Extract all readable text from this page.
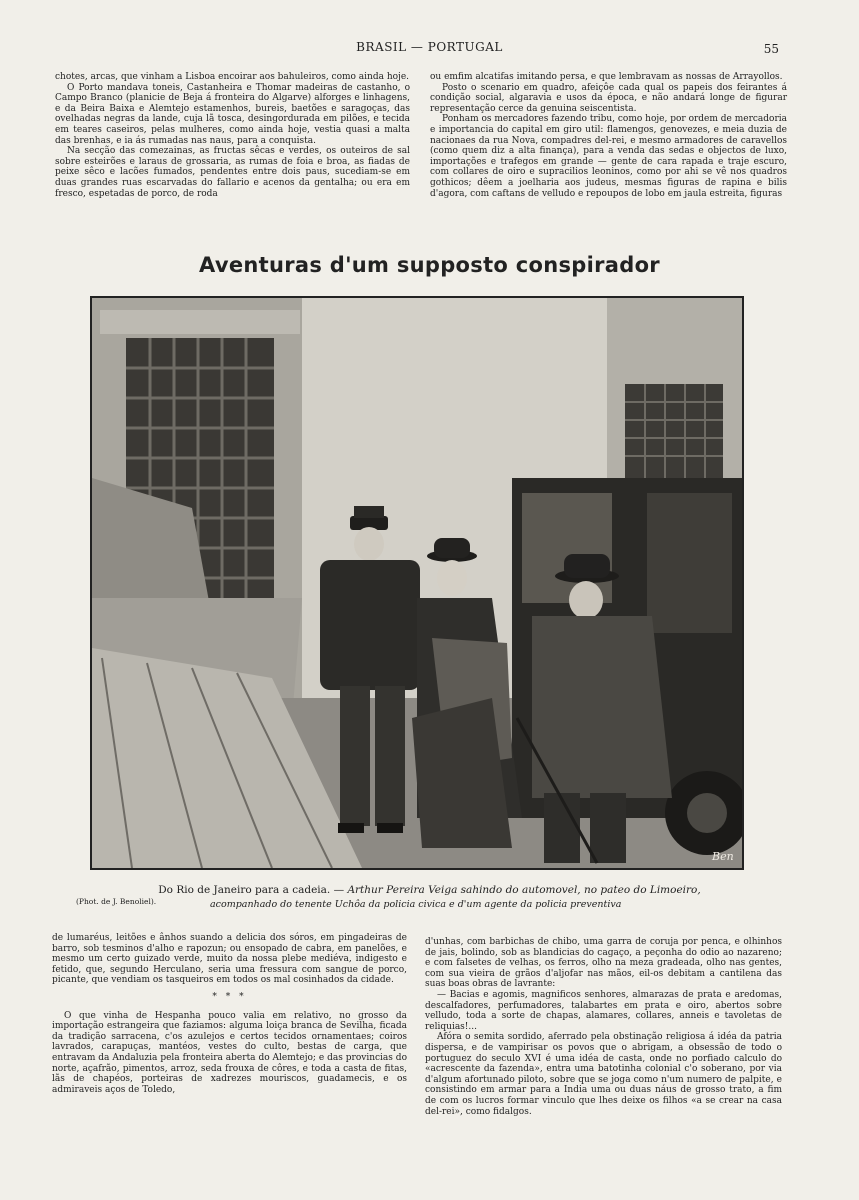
BRASIL — PORTUGAL	55

chotes, arcas, que vinham a Lisboa encoirar aos bahuleiros, como ainda hoje.

O Porto mandava toneis, Castanheira e Thomar madeiras de castanho, o Campo Branco (planicie de Beja á fronteira do Algarve) alforges e linhagens, e da Beira Baixa e Alemtejo estamenhos, bureis, baetões e saragoças, das ovelhadas negras da lande, cuja lã tosca, desingordurada em pilões, e tecida em teares caseiros, pelas mulheres, como ainda hoje, vestia quasi a malta das brenhas, e ia ás rumadas nas naus, para a conquista.

Na secção das comezainas, as fructas sêcas e verdes, os outeiros de sal sobre esteirões e laraus de grossaria, as rumas de foia e broa, as fiadas de peixe sêco e lacões fumados, pendentes entre dois paus, sucediam-se em duas grandes ruas escarvadas do fallario e acenos da gentalha; ou era em fresco, espetadas de porco, de roda

ou emfim alcatifas imitando persa, e que lembravam as nossas de Arrayollos.

Posto o scenario em quadro, afeiçôe cada qual os papeis dos feirantes á condição social, algaravia e usos da época, e não andará longe de figurar representação cerce da genuina seiscentista.

Ponham os mercadores fazendo tribu, como hoje, por ordem de mercadoria e importancia do capital em giro util: flamengos, genovezes, e meia duzia de nacionaes da rua Nova, compadres del-rei, e mesmo armadores de caravellos (como quem diz a alta finança), para a venda das sedas e objectos de luxo, importações e trafegos em grande — gente de cara rapada e traje escuro, com collares de oiro e supracilios leoninos, como por ahi se vê nos quadros gothicos; dêem a joelharia aos judeus, mesmas figuras de rapina e bilis d'agora, com caftans de velludo e repoupos de lobo em jaula estreita, figuras

Aventuras d'um supposto conspirador
Ben
Do Rio de Janeiro para a cadeia. — Arthur Pereira Veiga sahindo do automovel, no pateo do Limoeiro,
(Phot. de J. Benoliel).	acompanhado do tenente Uchôa da policia civica e d'um agente da policia preventiva

de lumaréus, leitões e ânhos suando a delicia dos sóros, em pingadeiras de barro, sob tesminos d'alho e rapozun; ou ensopado de cabra, em panelões, e mesmo um certo guizado verde, muito da nossa plebe mediéva, indigesto e fetido, que, segundo Herculano, seria uma fressura com sangue de porco, picante, que vendiam os tasqueiros em todos os mal cosinhados da cidade.

* * *

O que vinha de Hespanha pouco valia em relativo, no grosso da importação estrangeira que faziamos: alguma loiça branca de Sevilha, ficada da tradição sarracena, c'os azulejos e certos tecidos ornamentaes; coiros lavrados, carapuças, mantéos, vestes do culto, bestas de carga, que entravam da Andaluzia pela fronteira aberta do Alemtejo; e das provincias do norte, açafrão, pimentos, arroz, seda frouxa de côres, e toda a casta de fitas, lãs de chapéos, porteiras de xadrezes mouriscos, guadamecis, e os admiraveis aços de Toledo,

d'unhas, com barbichas de chibo, uma garra de coruja por penca, e olhinhos de jais, bolindo, sob as blandicias do cagaço, a peçonha do odio ao nazareno; e com falsetes de velhas, os ferros, olho na meza gradeada, olho nas gentes, com sua vieira de grãos d'aljofar nas mãos, eil-os debitam a cantilena das suas boas obras de lavrante:

— Bacias e agomis, magnificos senhores, almarazas de prata e aredomas, descalfadores, perfumadores, talabartes em prata e oiro, abertos sobre velludo, toda a sorte de chapas, alamares, collares, anneis e tavoletas de reliquias!...

Afóra o semita sordido, aferrado pela obstinação religiosa á idéa da patria dispersa, e de vampirisar os povos que o abrigam, a obsessão de todo o portuguez do seculo XVI é uma idéa de casta, onde no porfiado calculo do «acrescente da fazenda», entra uma batotinha colonial c'o soberano, por via d'algum afortunado piloto, sobre que se joga como n'um numero de palpite, e consistindo em armar para a India uma ou duas náus de grosso trato, a fim de com os lucros formar vinculo que lhes deixe os filhos «a se crear na casa del-rei», como fidalgos.
